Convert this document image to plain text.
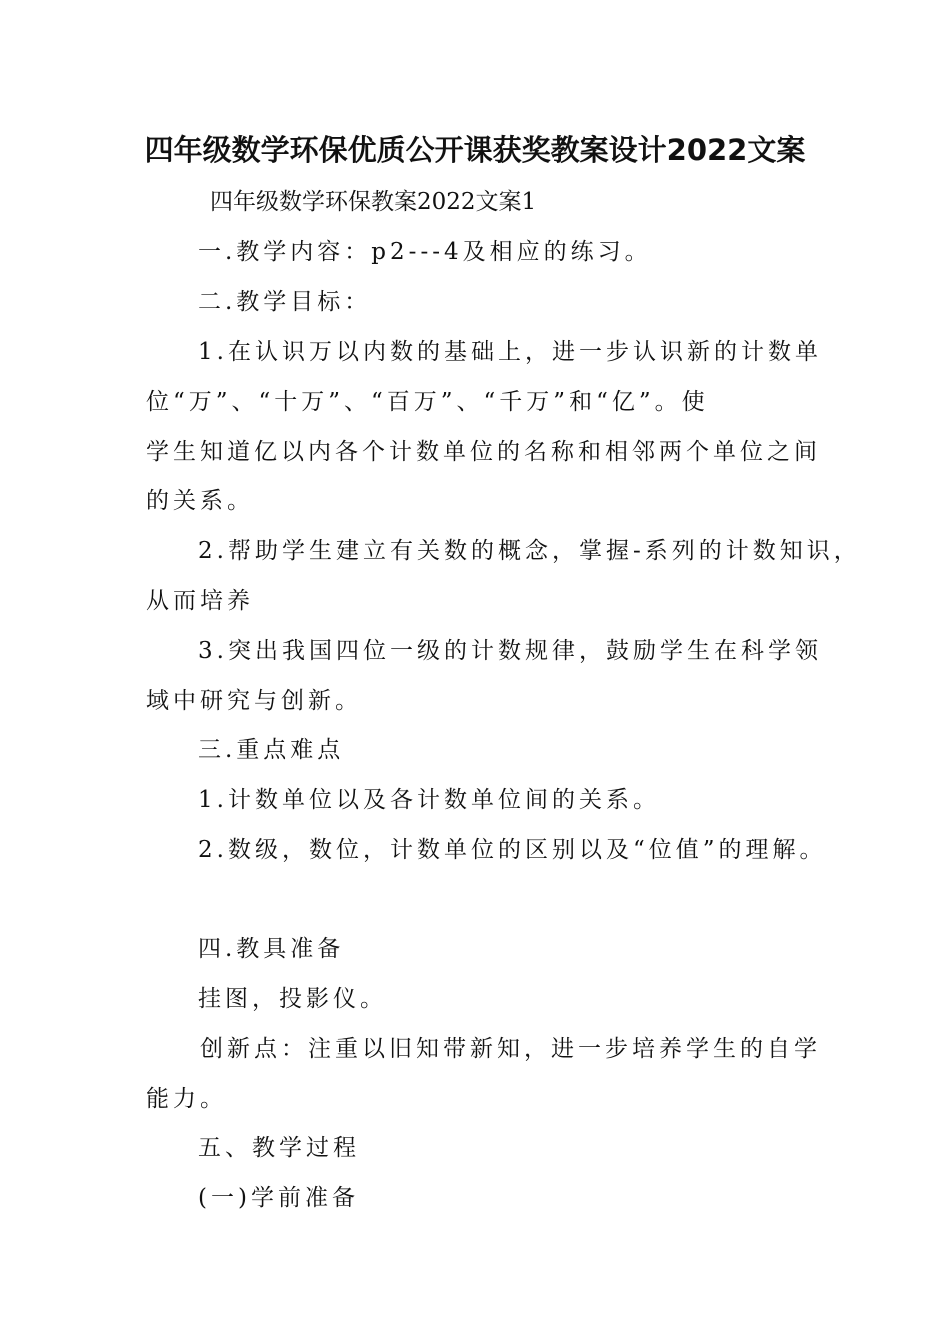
四年级数学环保优质公开课获奖教案设计2022文案

四年级数学环保教案2022文案1

一.教学内容：p2---4及相应的练习。

二.教学目标：

1.在认识万以内数的基础上，进一步认识新的计数单

位“万”、“十万”、“百万”、“千万”和“亿”。使

学生知道亿以内各个计数单位的名称和相邻两个单位之间

的关系。

2.帮助学生建立有关数的概念，掌握-系列的计数知识，

从而培养

3.突出我国四位一级的计数规律，鼓励学生在科学领

域中研究与创新。

三.重点难点

1.计数单位以及各计数单位间的关系。

2.数级，数位，计数单位的区别以及“位值”的理解。

四.教具准备

挂图，投影仪。

创新点：注重以旧知带新知，进一步培养学生的自学

能力。

五、教学过程

(一)学前准备
